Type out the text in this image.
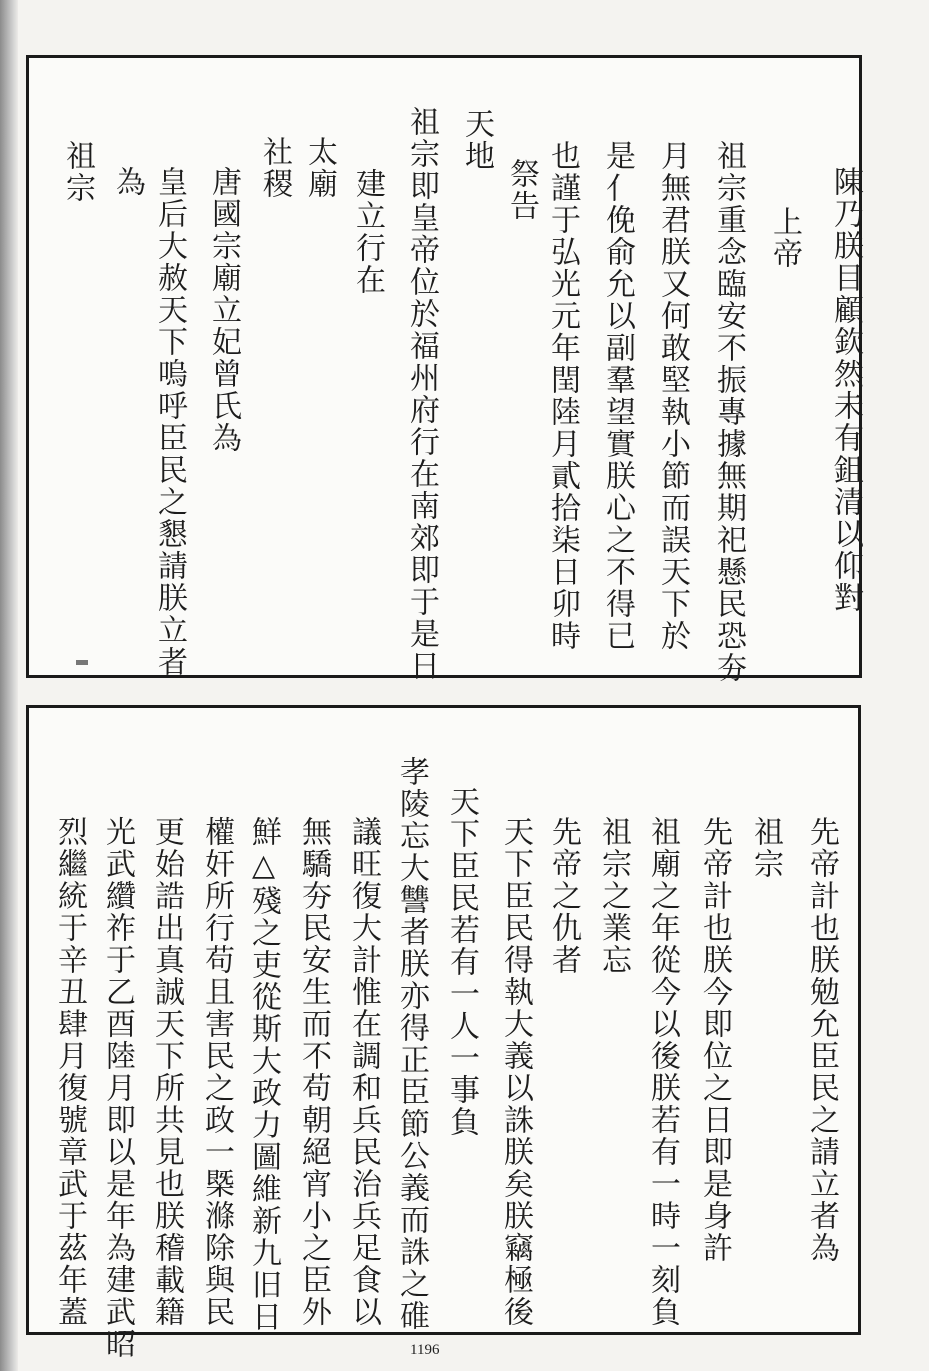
陳乃朕目顧欽然未有鉏清以仰對
上帝
祖宗重念臨安不振專據無期祀懸民恐夯
月無君朕又何敢堅執小節而誤天下於
是亻俛俞允以副羣望實朕心之不得已
也謹于弘光元年閏陸月貳拾柒日卯時
祭告
天地
祖宗即皇帝位於福州府行在南郊即于是日
建立行在
太廟
社稷
唐國宗廟立妃曾氏為
皇后大赦天下嗚呼臣民之懇請朕立者
為
祖宗
先帝計也朕勉允臣民之請立者為
祖宗
先帝計也朕今即位之日即是身許
祖廟之年從今以後朕若有一時一刻負
祖宗之業忘
先帝之仇者
天下臣民得執大義以誅朕矣朕竊極後
天下臣民若有一人一事負
孝陵忘大讐者朕亦得正臣節公義而誅之碓
議旺復大計惟在調和兵民治兵足食以
無驕夯民安生而不苟朝絕宵小之臣外
鮮△殘之吏從斯大政力圖維新九旧日
權奸所行苟且害民之政一槩滌除與民
更始誥出真誠天下所共見也朕稽載籍
光武纘祚于乙酉陸月即以是年為建武昭
烈繼統于辛丑肆月復號章武于茲年蓋
1196
